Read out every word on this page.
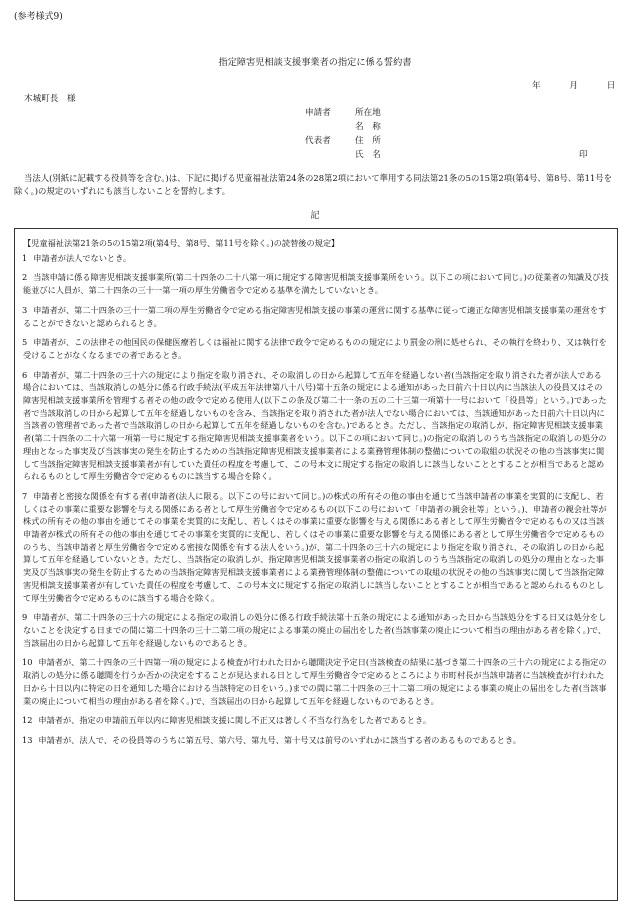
(参考様式9)
指定障害児相談支援事業者の指定に係る誓約書
年	月	日
木城町長　様
申請者	所在地
名　称
代表者	住　所
氏　名	印
当法人(別紙に記載する役員等を含む。)は、下記に掲げる児童福祉法第24条の28第2項において準用する同法第21条の5の15第2項(第4号、第8号、第11号を除く。)の規定のいずれにも該当しないことを誓約します。
記
【児童福祉法第21条の5の15第2項(第4号、第8号、第11号を除く。)の読替後の規定】
1 申請者が法人でないとき。
2 当該申請に係る障害児相談支援事業所(第二十四条の二十八第一項に規定する障害児相談支援事業所をいう。以下この項において同じ。)の従業者の知識及び技能並びに人員が、第二十四条の三十一第一項の厚生労働省令で定める基準を満たしていないとき。
3 申請者が、第二十四条の三十一第二項の厚生労働省令で定める指定障害児相談支援の事業の運営に関する基準に従って適正な障害児相談支援事業の運営をすることができないと認められるとき。
5 申請者が、この法律その他国民の保健医療若しくは福祉に関する法律で政令で定めるものの規定により罰金の刑に処せられ、その執行を終わり、又は執行を受けることがなくなるまでの者であるとき。
6 申請者が、第二十四条の三十六の規定により指定を取り消され、その取消しの日から起算して五年を経過しない者(当該指定を取り消された者が法人である場合においては、当該取消しの処分に係る行政手続法(平成五年法律第八十八号)第十五条の規定による通知があった日前六十日以内に当該法人の役員又はその障害児相談支援事業所を管理する者その他の政令で定める使用人(以下この条及び第二十一条の五の二十三第一項第十一号において「役員等」という。)であった者で当該取消しの日から起算して五年を経過しないものを含み、当該指定を取り消された者が法人でない場合においては、当該通知があった日前六十日以内に当該者の管理者であった者で当該取消しの日から起算して五年を経過しないものを含む。)であるとき。ただし、当該指定の取消しが、指定障害児相談支援事業者(第二十四条の二十六第一項第一号に規定する指定障害児相談支援事業者をいう。以下この項において同じ。)の指定の取消しのうち当該指定の取消しの処分の理由となった事実及び当該事実の発生を防止するための当該指定障害児相談支援事業者による業務管理体制の整備についての取組の状況その他の当該事実に関して当該指定障害児相談支援事業者が有していた責任の程度を考慮して、この号本文に規定する指定の取消しに該当しないこととすることが相当であると認められるものとして厚生労働省令で定めるものに該当する場合を除く。
7 申請者と密接な関係を有する者(申請者(法人に限る。以下この号において同じ。)の株式の所有その他の事由を通じて当該申請者の事業を実質的に支配し、若しくはその事業に重要な影響を与える関係にある者として厚生労働省令で定めるもの(以下この号において「申請者の親会社等」という。)、申請者の親会社等が株式の所有その他の事由を通じてその事業を実質的に支配し、若しくはその事業に重要な影響を与える関係にある者として厚生労働省令で定めるもの又は当該申請者が株式の所有その他の事由を通じてその事業を実質的に支配し、若しくはその事業に重要な影響を与える関係にある者として厚生労働省令で定めるもののうち、当該申請者と厚生労働省令で定める密接な関係を有する法人をいう。)が、第二十四条の三十六の規定により指定を取り消され、その取消しの日から起算して五年を経過していないとき。ただし、当該指定の取消しが、指定障害児相談支援事業者の指定の取消しのうち当該指定の取消しの処分の理由となった事実及び当該事実の発生を防止するための当該指定障害児相談支援事業者による業務管理体制の整備についての取組の状況その他の当該事実に関して当該指定障害児相談支援事業者が有していた責任の程度を考慮して、この号本文に規定する指定の取消しに該当しないこととすることが相当であると認められるものとして厚生労働省令で定めるものに該当する場合を除く。
9 申請者が、第二十四条の三十六の規定による指定の取消しの処分に係る行政手続法第十五条の規定による通知があった日から当該処分をする日又は処分をしないことを決定する日までの間に第二十四条の三十二第二項の規定による事業の廃止の届出をした者(当該事業の廃止について相当の理由がある者を除く。)で、当該届出の日から起算して五年を経過しないものであるとき。
10 申請者が、第二十四条の三十四第一項の規定による検査が行われた日から聴聞決定予定日(当該検査の結果に基づき第二十四条の三十六の規定による指定の取消しの処分に係る聴聞を行うか否かの決定をすることが見込まれる日として厚生労働省令で定めるところにより市町村長が当該申請者に当該検査が行われた日から十日以内に特定の日を通知した場合における当該特定の日をいう。)までの間に第二十四条の三十二第二項の規定による事業の廃止の届出をした者(当該事業の廃止について相当の理由がある者を除く。)で、当該届出の日から起算して五年を経過しないものであるとき。
12 申請者が、指定の申請前五年以内に障害児相談支援に関し不正又は著しく不当な行為をした者であるとき。
13 申請者が、法人で、その役員等のうちに第五号、第六号、第九号、第十号又は前号のいずれかに該当する者のあるものであるとき。
